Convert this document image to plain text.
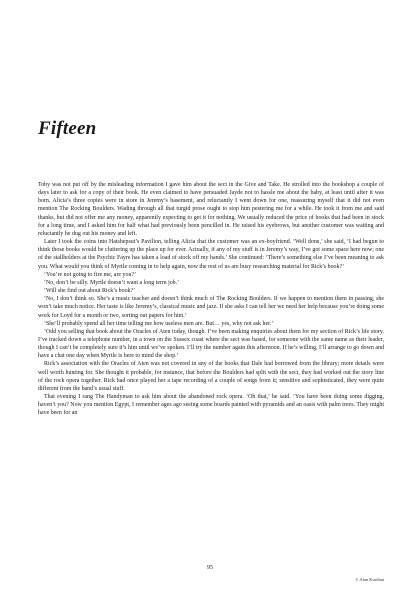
Fifteen

Toby was not put off by the misleading information I gave him about the sect in the Give and Take. He strolled into the bookshop a couple of days later to ask for a copy of their book. He even claimed to have persuaded Jayde not to hassle me about the baby, at least until after it was born. Alicia’s three copies were in store in Jeremy’s basement, and reluctantly I went down for one, reassuring myself that it did not even mention The Rocking Boulders. Wading through all that turgid prose ought to stop him pestering me for a while. He took it from me and said thanks, but did not offer me any money, apparently expecting to get it for nothing. We usually reduced the price of books that had been in stock for a long time, and I asked him for half what had previously been pencilled in. He raised his eyebrows, but another customer was waiting and reluctantly he dug out his money and left.

Later I took the coins into Hatshepsut’s Pavilion, telling Alicia that the customer was an ex-boyfriend. ‘Well done,’ she said, ‘I had begun to think those books would be cluttering up the place up for ever. Actually, if any of my stuff is in Jeremy’s way, I’ve got some space here now; one of the stallholders at the Psychic Fayre has taken a load of stock off my hands.’ She continued: ‘There’s something else I’ve been meaning to ask you. What would you think of Myrtle coming in to help again, now the rest of us are busy researching material for Rick’s book?’

‘You’re not going to fire me, are you?’

‘No, don’t be silly. Myrtle doesn’t want a long term job.’

‘Will she find out about Rick’s book?’

‘No, I don’t think so. She’s a music teacher and doesn’t think much of The Rocking Boulders. If we happen to mention them in passing, she won’t take much notice. Her taste is like Jeremy’s, classical music and jazz. If she asks I can tell her we need her help because you’re doing some work for Loyd for a month or two, sorting out papers for him.’

‘She’ll probably spend all her time telling me how useless men are. But… yes, why not ask her.’

‘Odd you selling that book about the Oracles of Aten today, though. I’ve been making enquiries about them for my section of Rick’s life story. I’ve tracked down a telephone number, in a town on the Sussex coast where the sect was based, for someone with the same name as their leader, though I can’t be completely sure it’s him until we’ve spoken. I’ll try the number again this afternoon. If he’s willing, I’ll arrange to go down and have a chat one day when Myrtle is here to mind the shop.’

Rick’s association with the Oracles of Aten was not covered in any of the books that Dale had borrowed from the library; more details were well worth hunting for. She thought it probable, for instance, that before the Boulders had split with the sect, they had worked out the story line of the rock opera together. Rick had once played her a tape recording of a couple of songs from it; sensitive and sophisticated, they were quite different from the band’s usual stuff.

That evening I rang The Handyman to ask him about the abandoned rock opera. ‘Oh that,’ he said. ‘You have been doing some digging, haven’t you? Now you mention Egypt, I remember ages ago seeing some boards painted with pyramids and an oasis with palm trees. They might have been for an

95
© Alan Kurdian
